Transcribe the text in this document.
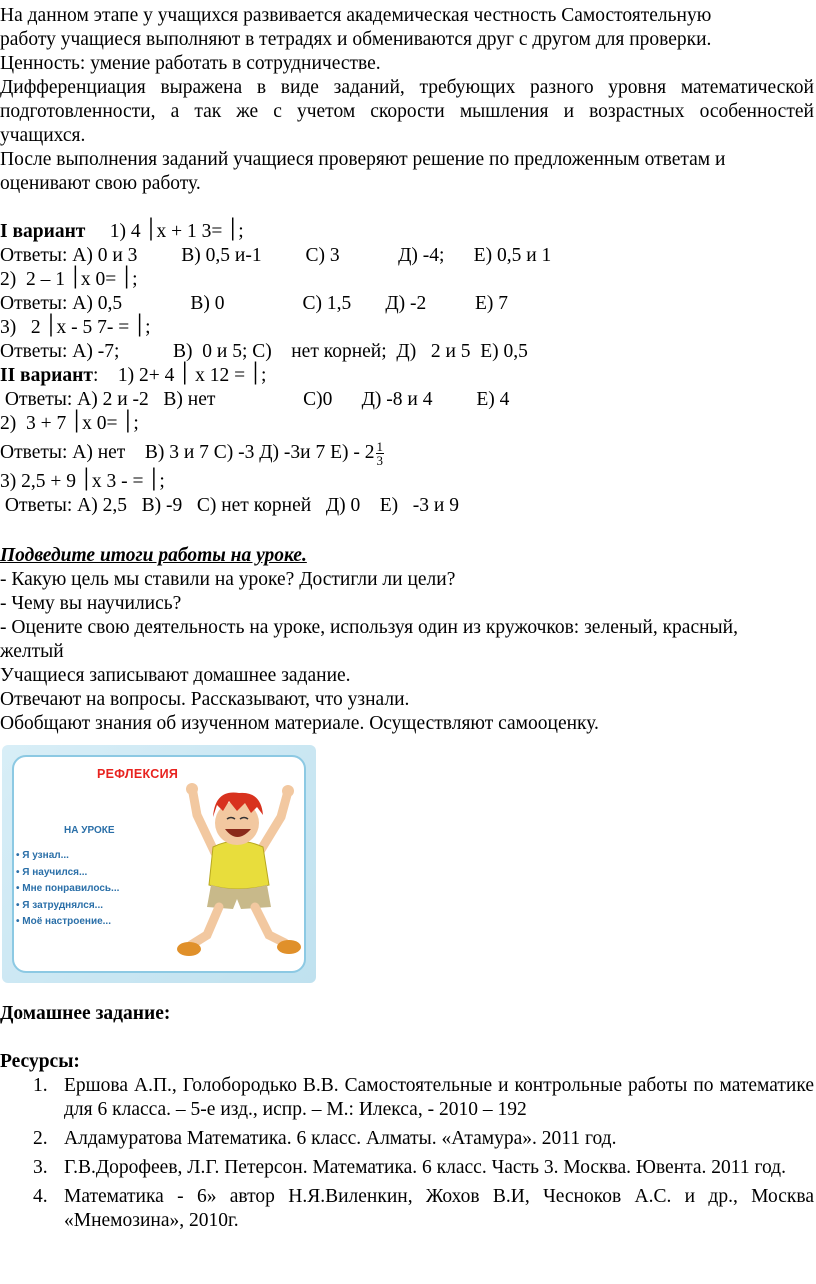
На данном этапе у учащихся развивается академическая честность Самостоятельную
работу учащиеся выполняют в тетрадях и обмениваются друг с другом для проверки.
Ценность: умение работать в сотрудничестве.
Дифференциация выражена в виде заданий, требующих разного уровня математической
подготовленности, а так же с учетом скорости мышления и возрастных особенностей
учащихся.
После выполнения заданий учащиеся проверяют решение по предложенным ответам и
оценивают свою работу.
I вариант 1) ׀ 4x + 1 ׀ =3;
Ответы: А) 0 и 3         В) 0,5 и-1         С) 3            Д) -4;      Е) 0,5 и 1
2)  ׀ 1 – 2x ׀ =0;
Ответы: А) 0,5              В) 0                С) 1,5       Д) -2          Е) 7
3)   ׀ 2x - 5 ׀ = -7;
Ответы: А) -7;           В)  0 и 5; С)    нет корней;  Д)   2 и 5  Е) 0,5
II вариант:    1) ׀ 4 +2 x ׀ = 12;
Ответы: А) 2 и -2   В) нет                  С)0      Д) -8 и 4         Е) 4
2)  ׀ 7 + 3x ׀ =0;
Ответы: А) нет    В) 3 и 7 С) -3 Д) -3и 7 $Е) - 2 \frac{1}{3}$
3) ׀ 9 + 2,5x ׀ = - 3;
Ответы: А) 2,5   В) -9   С) нет корней   Д) 0    Е)   -3 и 9
Подведите итоги работы на уроке.
- Какую цель мы ставили на уроке? Достигли ли цели?
- Чему вы научились?
- Оцените свою деятельность на уроке, используя один из кружочков: зеленый, красный,
желтый
Учащиеся записывают домашнее задание.
Отвечают на вопросы. Рассказывают, что узнали.
Обобщают знания об изученном материале. Осуществляют самооценку.
РЕФЛЕКСИЯ
НА УРОКЕ
• Я узнал...
• Я научился...
• Мне понравилось...
• Я затруднялся...
• Моё настроение...
Домашнее задание:
Ресурсы:
1. Ершова А.П., Голобородько В.В. Самостоятельные и контрольные работы по математике для 6 класса. – 5-е изд., испр. – М.: Илекса, - 2010 – 192
2. Алдамуратова Математика. 6 класс. Алматы. «Атамура». 2011 год.
3. Г.В.Дорофеев, Л.Г. Петерсон. Математика. 6 класс. Часть 3. Москва. Ювента. 2011 год.
4. Математика - 6» автор Н.Я.Виленкин, Жохов В.И, Чесноков А.С. и др., Москва «Мнемозина», 2010г.
